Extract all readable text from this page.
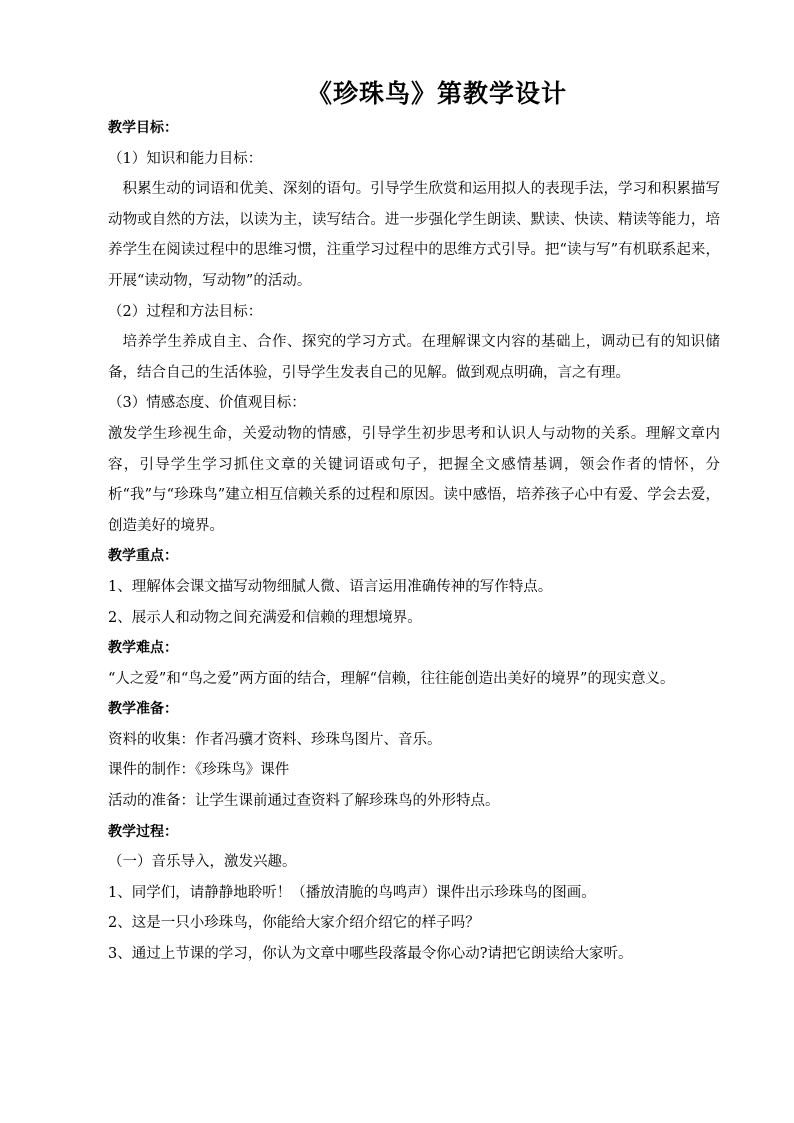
《珍珠鸟》第教学设计

教学目标：

（1）知识和能力目标：

积累生动的词语和优美、深刻的语句。引导学生欣赏和运用拟人的表现手法，学习和积累描写动物或自然的方法，以读为主，读写结合。进一步强化学生朗读、默读、快读、精读等能力，培养学生在阅读过程中的思维习惯，注重学习过程中的思维方式引导。把“读与写”有机联系起来，开展“读动物，写动物”的活动。

（2）过程和方法目标：

培养学生养成自主、合作、探究的学习方式。在理解课文内容的基础上，调动已有的知识储备，结合自己的生活体验，引导学生发表自己的见解。做到观点明确，言之有理。

（3）情感态度、价值观目标：

激发学生珍视生命，关爱动物的情感，引导学生初步思考和认识人与动物的关系。理解文章内容，引导学生学习抓住文章的关键词语或句子，把握全文感情基调，领会作者的情怀，分析“我”与“珍珠鸟”建立相互信赖关系的过程和原因。读中感悟，培养孩子心中有爱、学会去爱，创造美好的境界。

教学重点：

1、理解体会课文描写动物细腻人微、语言运用准确传神的写作特点。

2、展示人和动物之间充满爱和信赖的理想境界。

教学难点：

“人之爱”和“鸟之爱”两方面的结合，理解“信赖，往往能创造出美好的境界”的现实意义。

教学准备：

资料的收集：作者冯骥才资料、珍珠鸟图片、音乐。

课件的制作：《珍珠鸟》课件

活动的准备：让学生课前通过查资料了解珍珠鸟的外形特点。

教学过程：

（一）音乐导入，激发兴趣。

1、同学们，请静静地聆听！（播放清脆的鸟鸣声）课件出示珍珠鸟的图画。

2、这是一只小珍珠鸟，你能给大家介绍介绍它的样子吗？

3、通过上节课的学习，你认为文章中哪些段落最令你心动?请把它朗读给大家听。
